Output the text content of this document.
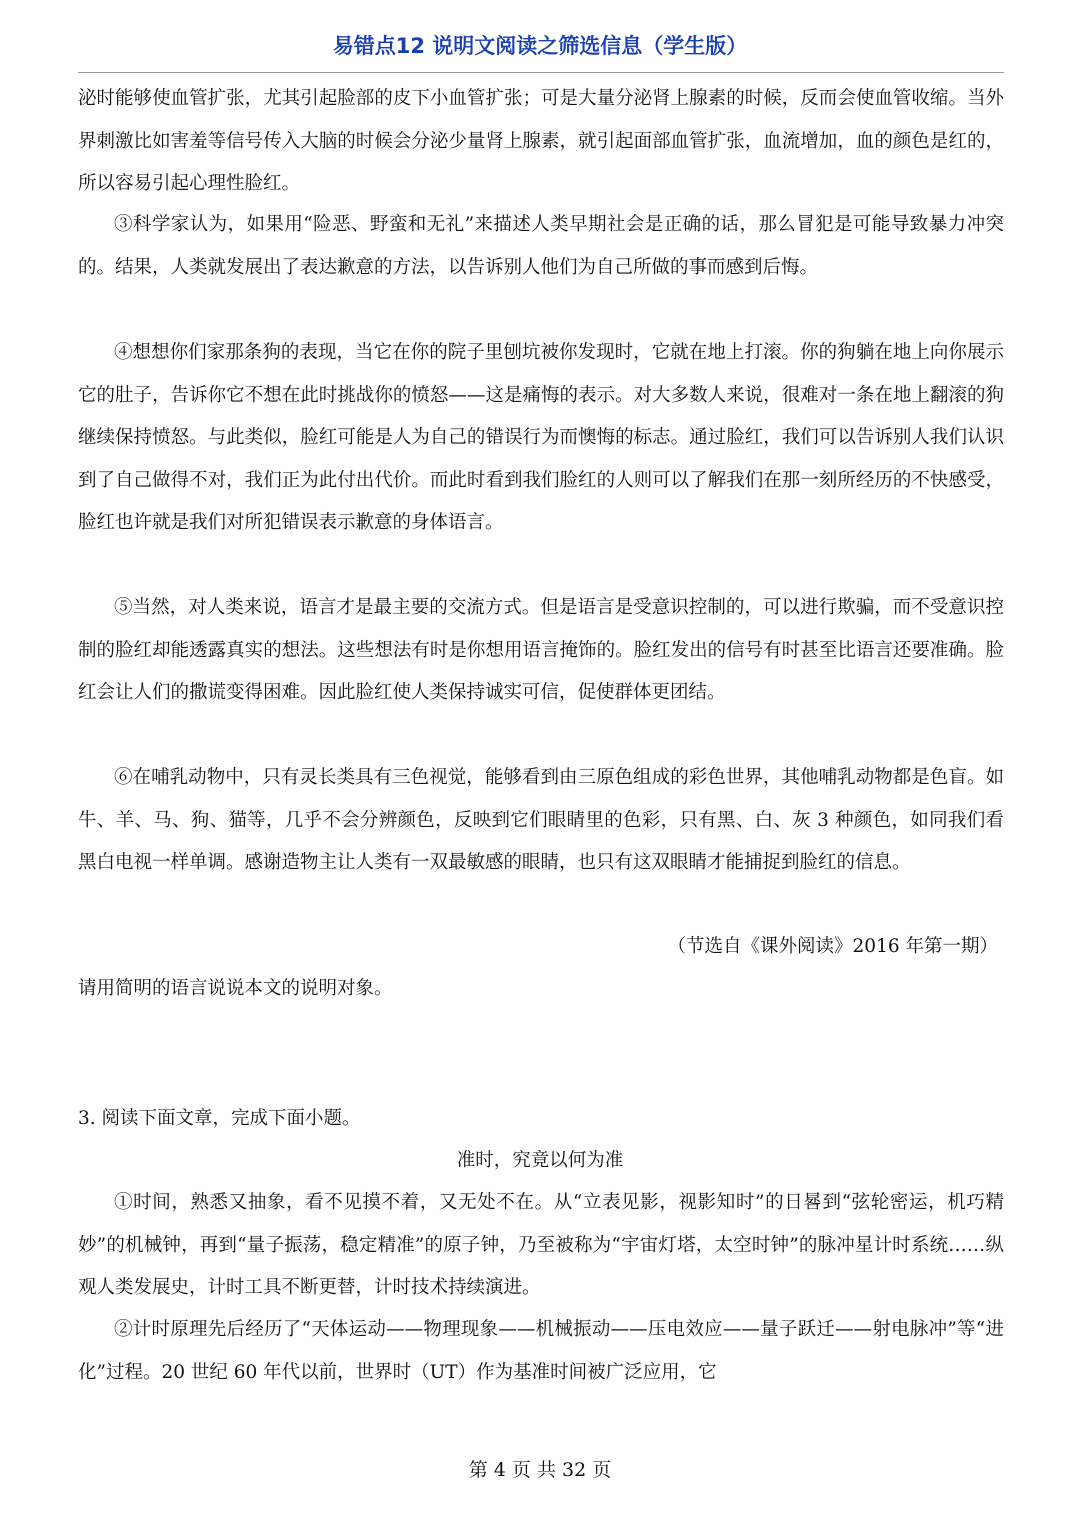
易错点12 说明文阅读之筛选信息（学生版）

泌时能够使血管扩张，尤其引起脸部的皮下小血管扩张；可是大量分泌肾上腺素的时候，反而会使血管收缩。当外界刺激比如害羞等信号传入大脑的时候会分泌少量肾上腺素，就引起面部血管扩张，血流增加，血的颜色是红的，所以容易引起心理性脸红。

③科学家认为，如果用“险恶、野蛮和无礼”来描述人类早期社会是正确的话，那么冒犯是可能导致暴力冲突的。结果，人类就发展出了表达歉意的方法，以告诉别人他们为自己所做的事而感到后悔。

④想想你们家那条狗的表现，当它在你的院子里刨坑被你发现时，它就在地上打滚。你的狗躺在地上向你展示它的肚子，告诉你它不想在此时挑战你的愤怒——这是痛悔的表示。对大多数人来说，很难对一条在地上翻滚的狗继续保持愤怒。与此类似，脸红可能是人为自己的错误行为而懊悔的标志。通过脸红，我们可以告诉别人我们认识到了自己做得不对，我们正为此付出代价。而此时看到我们脸红的人则可以了解我们在那一刻所经历的不快感受，脸红也许就是我们对所犯错误表示歉意的身体语言。

⑤当然，对人类来说，语言才是最主要的交流方式。但是语言是受意识控制的，可以进行欺骗，而不受意识控制的脸红却能透露真实的想法。这些想法有时是你想用语言掩饰的。脸红发出的信号有时甚至比语言还要准确。脸红会让人们的撒谎变得困难。因此脸红使人类保持诚实可信，促使群体更团结。

⑥在哺乳动物中，只有灵长类具有三色视觉，能够看到由三原色组成的彩色世界，其他哺乳动物都是色盲。如牛、羊、马、狗、猫等，几乎不会分辨颜色，反映到它们眼睛里的色彩，只有黑、白、灰 3 种颜色，如同我们看黑白电视一样单调。感谢造物主让人类有一双最敏感的眼睛，也只有这双眼睛才能捕捉到脸红的信息。

（节选自《课外阅读》2016 年第一期）
请用简明的语言说说本文的说明对象。
3. 阅读下面文章，完成下面小题。
准时，究竟以何为准

①时间，熟悉又抽象，看不见摸不着，又无处不在。从“立表见影，视影知时”的日晷到“弦轮密运，机巧精妙”的机械钟，再到“量子振荡，稳定精准”的原子钟，乃至被称为“宇宙灯塔，太空时钟”的脉冲星计时系统……纵观人类发展史，计时工具不断更替，计时技术持续演进。

②计时原理先后经历了“天体运动——物理现象——机械振动——压电效应——量子跃迁——射电脉冲”等“进化”过程。20 世纪 60 年代以前，世界时（UT）作为基准时间被广泛应用，它

第 4 页 共 32 页
